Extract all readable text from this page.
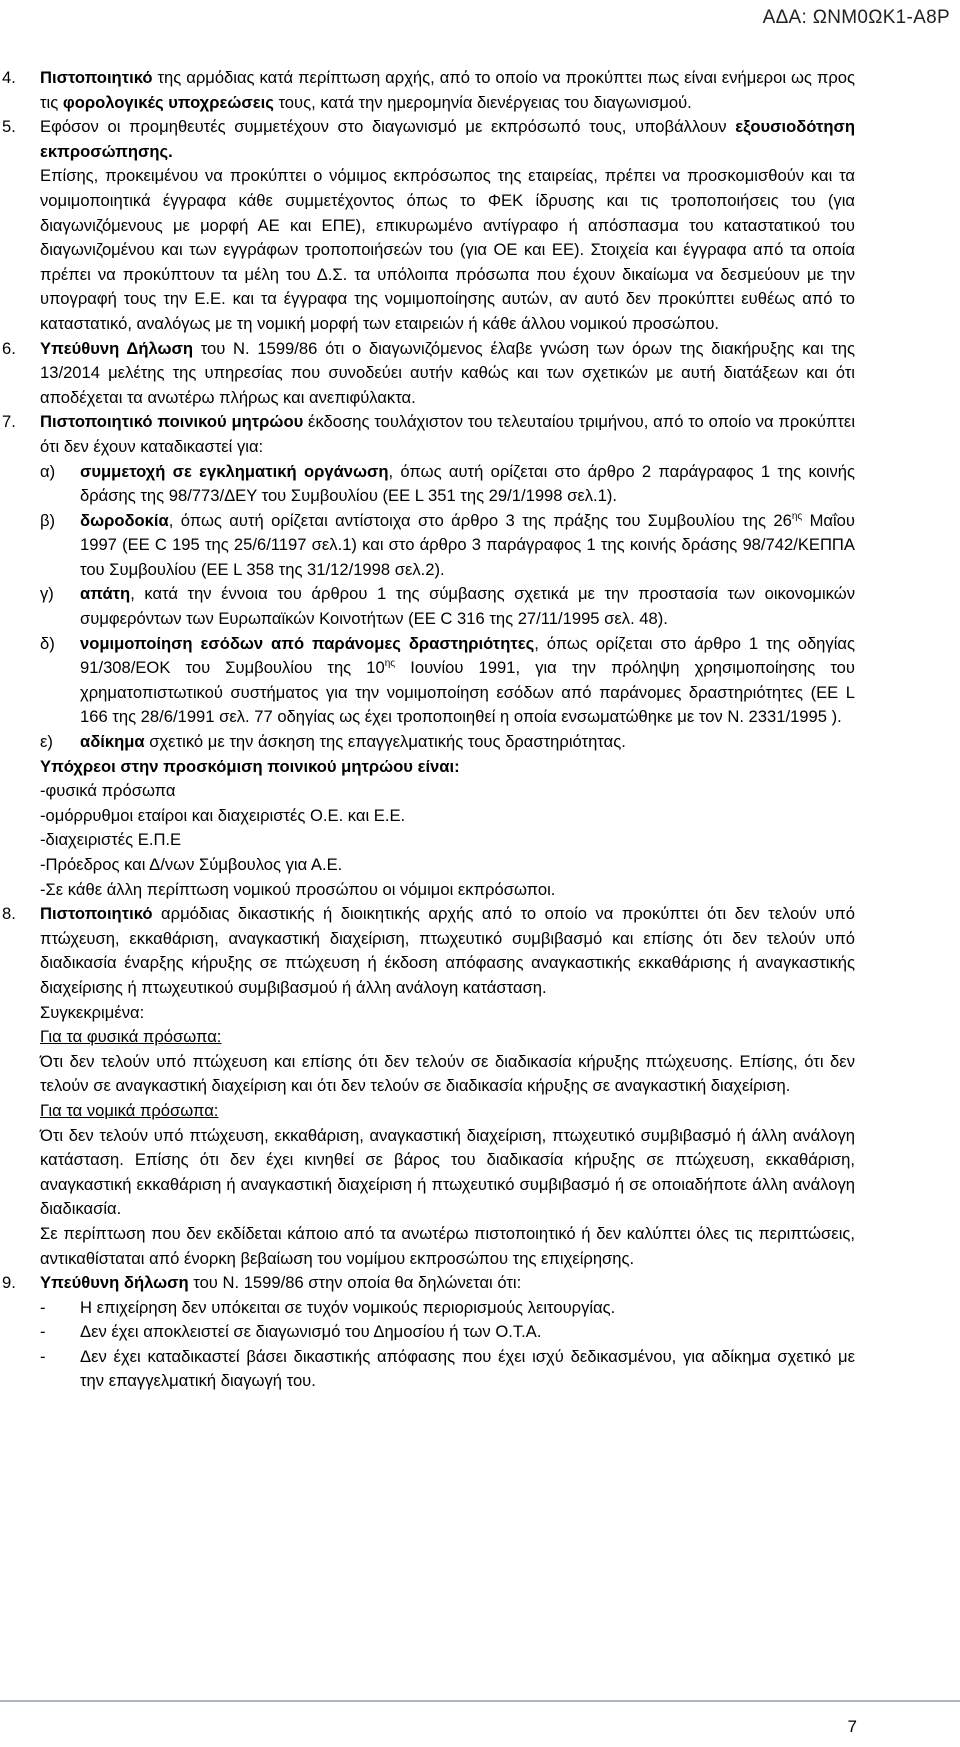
ΑΔΑ: ΩΝΜ0ΩΚ1-Α8Ρ
4. Πιστοποιητικό της αρμόδιας κατά περίπτωση αρχής, από το οποίο να προκύπτει πως είναι ενήμεροι ως προς τις φορολογικές υποχρεώσεις τους, κατά την ημερομηνία διενέργειας του διαγωνισμού.
5. Εφόσον οι προμηθευτές συμμετέχουν στο διαγωνισμό με εκπρόσωπό τους, υποβάλλουν εξουσιοδότηση εκπροσώπησης.
Επίσης, προκειμένου να προκύπτει ο νόμιμος εκπρόσωπος της εταιρείας, πρέπει να προσκομισθούν και τα νομιμοποιητικά έγγραφα κάθε συμμετέχοντος όπως το ΦΕΚ ίδρυσης και τις τροποποιήσεις του (για διαγωνιζόμενους με μορφή ΑΕ και ΕΠΕ), επικυρωμένο αντίγραφο ή απόσπασμα του καταστατικού του διαγωνιζομένου και των εγγράφων τροποποιήσεών του (για ΟΕ και ΕΕ). Στοιχεία και έγγραφα από τα οποία πρέπει να προκύπτουν τα μέλη του Δ.Σ. τα υπόλοιπα πρόσωπα που έχουν δικαίωμα να δεσμεύουν με την υπογραφή τους την Ε.Ε. και τα έγγραφα της νομιμοποίησης αυτών, αν αυτό δεν προκύπτει ευθέως από το καταστατικό, αναλόγως με τη νομική μορφή των εταιρειών ή κάθε άλλου νομικού προσώπου.
6. Υπεύθυνη Δήλωση του Ν. 1599/86 ότι ο διαγωνιζόμενος έλαβε γνώση των όρων της διακήρυξης και της 13/2014 μελέτης της υπηρεσίας που συνοδεύει αυτήν καθώς και των σχετικών με αυτή διατάξεων και ότι αποδέχεται τα ανωτέρω πλήρως και ανεπιφύλακτα.
7. Πιστοποιητικό ποινικού μητρώου έκδοσης τουλάχιστον του τελευταίου τριμήνου, από το οποίο να προκύπτει ότι δεν έχουν καταδικαστεί για:
α) συμμετοχή σε εγκληματική οργάνωση, όπως αυτή ορίζεται στο άρθρο 2 παράγραφος 1 της κοινής δράσης της 98/773/ΔΕΥ του Συμβουλίου (ΕΕ L 351 της 29/1/1998 σελ.1).
β) δωροδοκία, όπως αυτή ορίζεται αντίστοιχα στο άρθρο 3 της πράξης του Συμβουλίου της $26^{\eta\varsigma}$ Μαΐου 1997 (ΕΕ C 195 της 25/6/1197 σελ.1) και στο άρθρο 3 παράγραφος 1 της κοινής δράσης 98/742/ΚΕΠΠΑ του Συμβουλίου (ΕΕ L 358 της 31/12/1998 σελ.2).
γ) απάτη, κατά την έννοια του άρθρου 1 της σύμβασης σχετικά με την προστασία των οικονομικών συμφερόντων των Ευρωπαϊκών Κοινοτήτων (ΕΕ C 316 της 27/11/1995 σελ. 48).
δ) νομιμοποίηση εσόδων από παράνομες δραστηριότητες, όπως ορίζεται στο άρθρο 1 της οδηγίας 91/308/ΕΟΚ του Συμβουλίου της $10^{\eta\varsigma}$ Ιουνίου 1991, για την πρόληψη χρησιμοποίησης του χρηματοπιστωτικού συστήματος για την νομιμοποίηση εσόδων από παράνομες δραστηριότητες (ΕΕ L 166 της 28/6/1991 σελ. 77 οδηγίας ως έχει τροποποιηθεί η οποία ενσωματώθηκε με τον Ν. 2331/1995 ).
ε) αδίκημα σχετικό με την άσκηση της επαγγελματικής τους δραστηριότητας.
Υπόχρεοι στην προσκόμιση ποινικού μητρώου είναι:
-φυσικά πρόσωπα
-ομόρρυθμοι εταίροι και διαχειριστές Ο.Ε. και Ε.Ε.
-διαχειριστές Ε.Π.Ε
-Πρόεδρος και Δ/νων Σύμβουλος για Α.Ε.
-Σε κάθε άλλη περίπτωση νομικού προσώπου οι νόμιμοι εκπρόσωποι.
8. Πιστοποιητικό αρμόδιας δικαστικής ή διοικητικής αρχής από το οποίο να προκύπτει ότι δεν τελούν υπό πτώχευση, εκκαθάριση, αναγκαστική διαχείριση, πτωχευτικό συμβιβασμό και επίσης ότι δεν τελούν υπό διαδικασία έναρξης κήρυξης σε πτώχευση ή έκδοση απόφασης αναγκαστικής εκκαθάρισης ή αναγκαστικής διαχείρισης ή πτωχευτικού συμβιβασμού ή άλλη ανάλογη κατάσταση.
Συγκεκριμένα:
Για τα φυσικά πρόσωπα:
Ότι δεν τελούν υπό πτώχευση και επίσης ότι δεν τελούν σε διαδικασία κήρυξης πτώχευσης. Επίσης, ότι δεν τελούν σε αναγκαστική διαχείριση και ότι δεν τελούν σε διαδικασία κήρυξης σε αναγκαστική διαχείριση.
Για τα νομικά πρόσωπα:
Ότι δεν τελούν υπό πτώχευση, εκκαθάριση, αναγκαστική διαχείριση, πτωχευτικό συμβιβασμό ή άλλη ανάλογη κατάσταση. Επίσης ότι δεν έχει κινηθεί σε βάρος του διαδικασία κήρυξης σε πτώχευση, εκκαθάριση, αναγκαστική εκκαθάριση ή αναγκαστική διαχείριση ή πτωχευτικό συμβιβασμό ή σε οποιαδήποτε άλλη ανάλογη διαδικασία.
Σε περίπτωση που δεν εκδίδεται κάποιο από τα ανωτέρω πιστοποιητικό ή δεν καλύπτει όλες τις περιπτώσεις, αντικαθίσταται από ένορκη βεβαίωση του νομίμου εκπροσώπου της επιχείρησης.
9. Υπεύθυνη δήλωση του Ν. 1599/86 στην οποία θα δηλώνεται ότι:
- Η επιχείρηση δεν υπόκειται σε τυχόν νομικούς περιορισμούς λειτουργίας.
- Δεν έχει αποκλειστεί σε διαγωνισμό του Δημοσίου ή των Ο.Τ.Α.
- Δεν έχει καταδικαστεί βάσει δικαστικής απόφασης που έχει ισχύ δεδικασμένου, για αδίκημα σχετικό με την επαγγελματική διαγωγή του.
7
